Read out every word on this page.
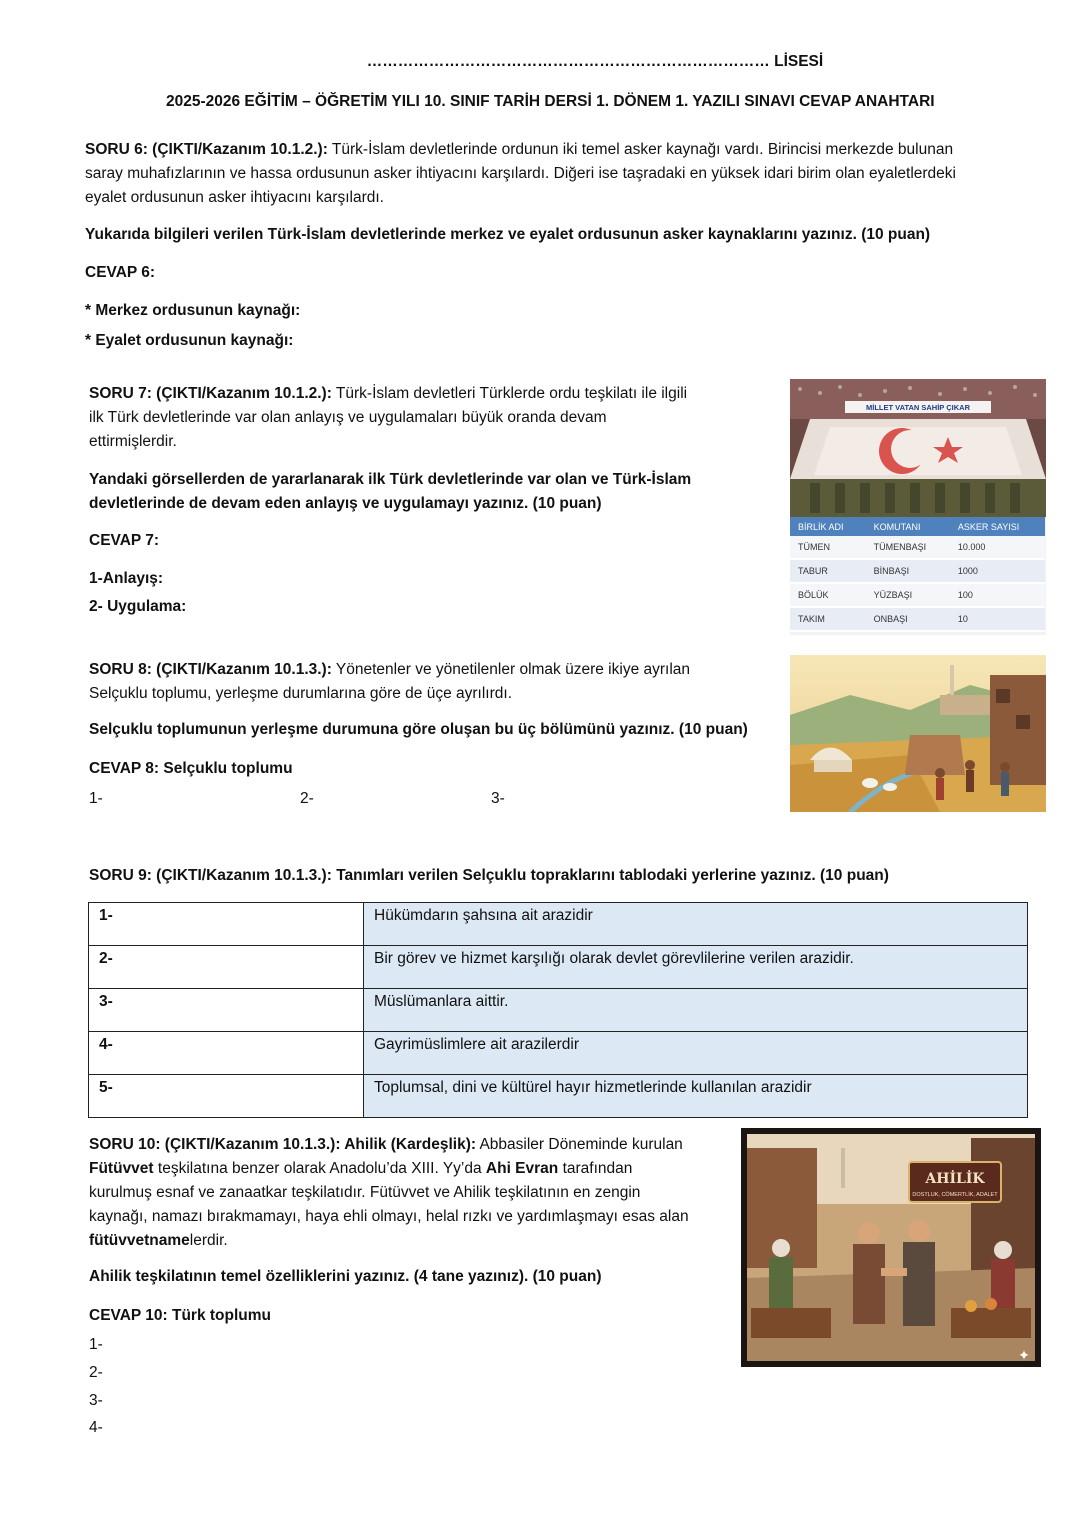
…………………………………………………………………… LİSESİ
2025-2026 EĞİTİM – ÖĞRETİM YILI 10. SINIF TARİH DERSİ 1. DÖNEM 1. YAZILI SINAVI CEVAP ANAHTARI
SORU 6: (ÇIKTI/Kazanım 10.1.2.): Türk-İslam devletlerinde ordunun iki temel asker kaynağı vardı. Birincisi merkezde bulunan
saray muhafızlarının ve hassa ordusunun asker ihtiyacını karşılardı. Diğeri ise taşradaki en yüksek idari birim olan eyaletlerdeki
eyalet ordusunun asker ihtiyacını karşılardı.
Yukarıda bilgileri verilen Türk-İslam devletlerinde merkez ve eyalet ordusunun asker kaynaklarını yazınız. (10 puan)
CEVAP 6:
* Merkez ordusunun kaynağı:
* Eyalet ordusunun kaynağı:
SORU 7: (ÇIKTI/Kazanım 10.1.2.): Türk-İslam devletleri Türklerde ordu teşkilatı ile ilgili
ilk Türk devletlerinde var olan anlayış ve uygulamaları büyük oranda devam
ettirmişlerdir.
Yandaki görsellerden de yararlanarak ilk Türk devletlerinde var olan ve Türk-İslam
devletlerinde de devam eden anlayış ve uygulamayı yazınız. (10 puan)
CEVAP 7:
1-Anlayış:
2- Uygulama:
MİLLET VATAN SAHİP ÇIKAR
BİRLİK ADI	KOMUTANI	ASKER SAYISI
TÜMEN	TÜMENBAŞI	10.000
TABUR	BİNBAŞI	1000
BÖLÜK	YÜZBAŞI	100
TAKIM	ONBAŞI	10
SORU 8: (ÇIKTI/Kazanım 10.1.3.): Yönetenler ve yönetilenler olmak üzere ikiye ayrılan
Selçuklu toplumu, yerleşme durumlarına göre de üçe ayrılırdı.
Selçuklu toplumunun yerleşme durumuna göre oluşan bu üç bölümünü yazınız. (10 puan)
CEVAP 8: Selçuklu toplumu
1-	2-	3-
SORU 9: (ÇIKTI/Kazanım 10.1.3.): Tanımları verilen Selçuklu topraklarını tablodaki yerlerine yazınız. (10 puan)
1-	Hükümdarın şahsına ait arazidir
2-	Bir görev ve hizmet karşılığı olarak devlet görevlilerine verilen arazidir.
3-	Müslümanlara aittir.
4-	Gayrimüslimlere ait arazilerdir
5-	Toplumsal, dini ve kültürel hayır hizmetlerinde kullanılan arazidir
SORU 10: (ÇIKTI/Kazanım 10.1.3.): Ahilik (Kardeşlik): Abbasiler Döneminde kurulan
Fütüvvet teşkilatına benzer olarak Anadolu’da XIII. Yy’da Ahi Evran tarafından
kurulmuş esnaf ve zanaatkar teşkilatıdır. Fütüvvet ve Ahilik teşkilatının en zengin
kaynağı, namazı bırakmamayı, haya ehli olmayı, helal rızkı ve yardımlaşmayı esas alan
fütüvvetnamelerdir.
Ahilik teşkilatının temel özelliklerini yazınız. (4 tane yazınız). (10 puan)
CEVAP 10: Türk toplumu
1-
2-
3-
4-
AHİLİK
DOSTLUK, CÖMERTLİK, ADALET
✦
